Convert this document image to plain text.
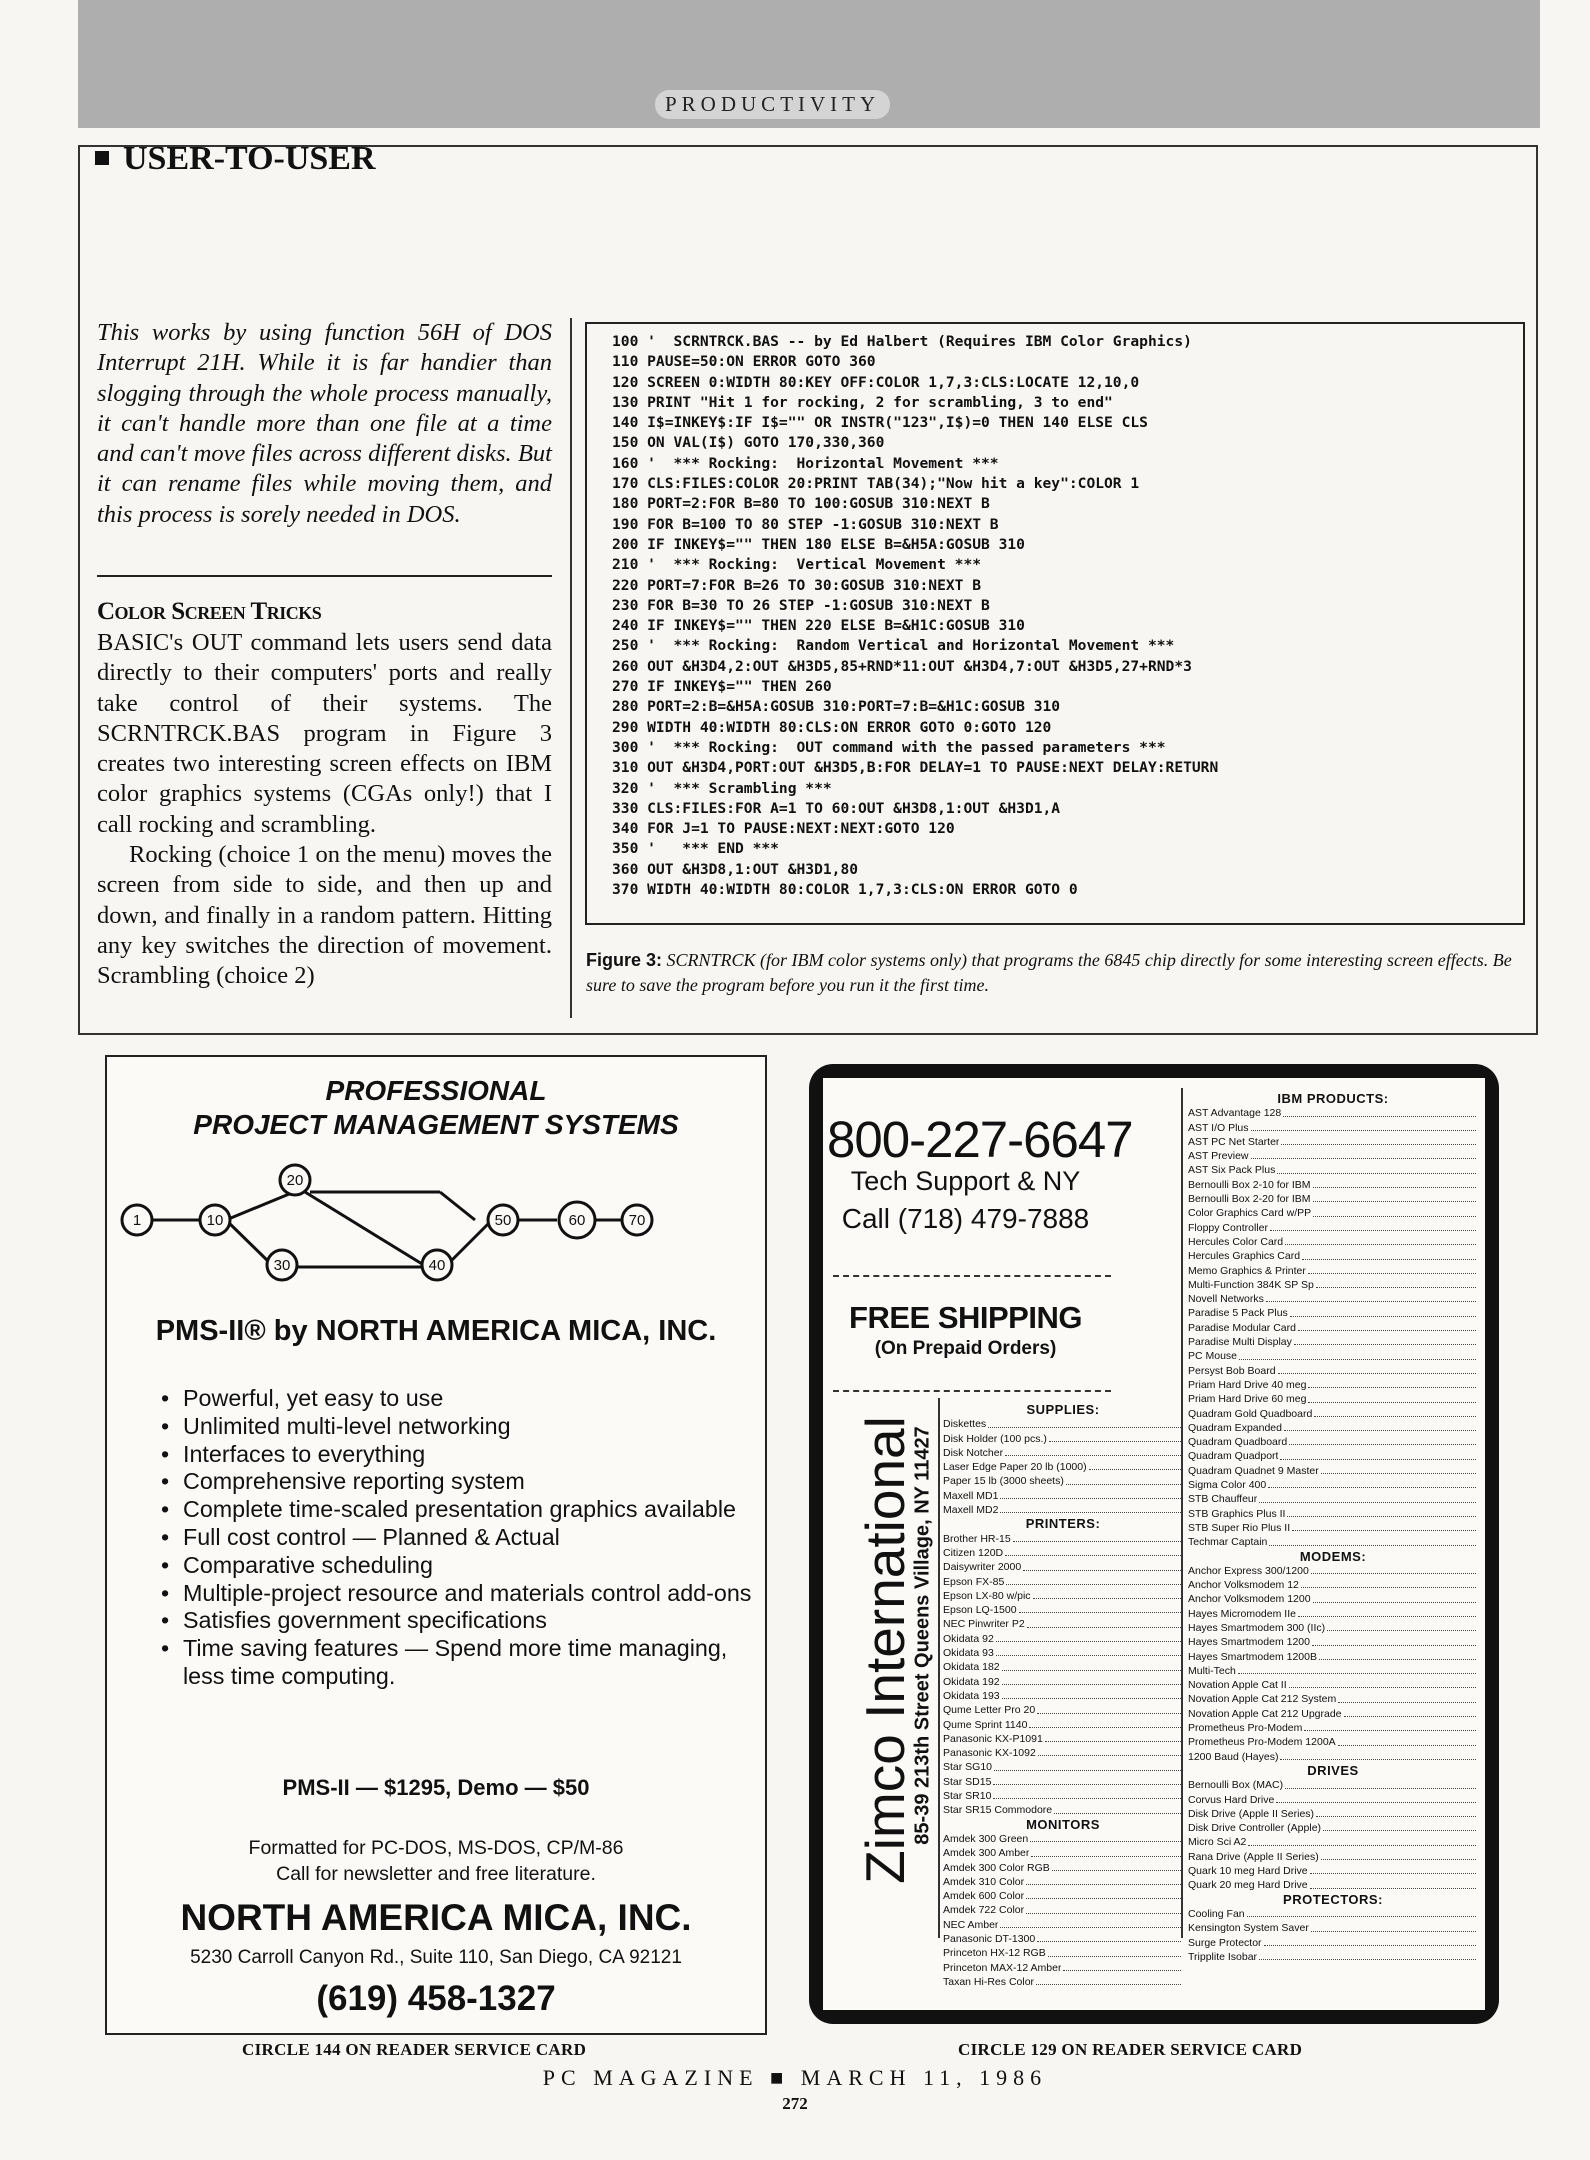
PRODUCTIVITY
USER-TO-USER
This works by using function 56H of DOS Interrupt 21H. While it is far handier than slogging through the whole process manually, it can't handle more than one file at a time and can't move files across different disks. But it can rename files while moving them, and this process is sorely needed in DOS.
Color Screen Tricks

BASIC's OUT command lets users send data directly to their computers' ports and really take control of their systems. The SCRNTRCK.BAS program in Figure 3 creates two interesting screen effects on IBM color graphics systems (CGAs only!) that I call rocking and scrambling.

Rocking (choice 1 on the menu) moves the screen from side to side, and then up and down, and finally in a random pattern. Hitting any key switches the direction of movement. Scrambling (choice 2)

100 '  SCRNTRCK.BAS -- by Ed Halbert (Requires IBM Color Graphics)
110 PAUSE=50:ON ERROR GOTO 360
120 SCREEN 0:WIDTH 80:KEY OFF:COLOR 1,7,3:CLS:LOCATE 12,10,0
130 PRINT "Hit 1 for rocking, 2 for scrambling, 3 to end"
140 I$=INKEY$:IF I$="" OR INSTR("123",I$)=0 THEN 140 ELSE CLS
150 ON VAL(I$) GOTO 170,330,360
160 '  *** Rocking:  Horizontal Movement ***
170 CLS:FILES:COLOR 20:PRINT TAB(34);"Now hit a key":COLOR 1
180 PORT=2:FOR B=80 TO 100:GOSUB 310:NEXT B
190 FOR B=100 TO 80 STEP -1:GOSUB 310:NEXT B
200 IF INKEY$="" THEN 180 ELSE B=&H5A:GOSUB 310
210 '  *** Rocking:  Vertical Movement ***
220 PORT=7:FOR B=26 TO 30:GOSUB 310:NEXT B
230 FOR B=30 TO 26 STEP -1:GOSUB 310:NEXT B
240 IF INKEY$="" THEN 220 ELSE B=&H1C:GOSUB 310
250 '  *** Rocking:  Random Vertical and Horizontal Movement ***
260 OUT &H3D4,2:OUT &H3D5,85+RND*11:OUT &H3D4,7:OUT &H3D5,27+RND*3
270 IF INKEY$="" THEN 260
280 PORT=2:B=&H5A:GOSUB 310:PORT=7:B=&H1C:GOSUB 310
290 WIDTH 40:WIDTH 80:CLS:ON ERROR GOTO 0:GOTO 120
300 '  *** Rocking:  OUT command with the passed parameters ***
310 OUT &H3D4,PORT:OUT &H3D5,B:FOR DELAY=1 TO PAUSE:NEXT DELAY:RETURN
320 '  *** Scrambling ***
330 CLS:FILES:FOR A=1 TO 60:OUT &H3D8,1:OUT &H3D1,A
340 FOR J=1 TO PAUSE:NEXT:NEXT:GOTO 120
350 '   *** END ***
360 OUT &H3D8,1:OUT &H3D1,80
370 WIDTH 40:WIDTH 80:COLOR 1,7,3:CLS:ON ERROR GOTO 0
Figure 3: SCRNTRCK (for IBM color systems only) that programs the 6845 chip directly for some interesting screen effects. Be sure to save the program before you run it the first time.
PROFESSIONAL
PROJECT MANAGEMENT SYSTEMS
1	10
20
30	40
50	60	70
PMS-II® by NORTH AMERICA MICA, INC.
• Powerful, yet easy to use
• Unlimited multi-level networking
• Interfaces to everything
• Comprehensive reporting system
• Complete time-scaled presentation graphics available
• Full cost control — Planned & Actual
• Comparative scheduling
• Multiple-project resource and materials control add-ons
• Satisfies government specifications
• Time saving features — Spend more time managing, less time computing.
PMS-II — $1295, Demo — $50
Formatted for PC-DOS, MS-DOS, CP/M-86
Call for newsletter and free literature.
NORTH AMERICA MICA, INC.
5230 Carroll Canyon Rd., Suite 110, San Diego, CA 92121
(619) 458-1327
CIRCLE 144 ON READER SERVICE CARD
800-227-6647
Tech Support & NY
Call (718) 479-7888
FREE SHIPPING
(On Prepaid Orders)
Zimco International
85-39 213th Street Queens Village, NY 11427
IBM PRODUCTS:
AST Advantage 128
AST I/O Plus
AST PC Net Starter
AST Preview
AST Six Pack Plus
Bernoulli Box 2-10 for IBM
Bernoulli Box 2-20 for IBM
Color Graphics Card w/PP
Floppy Controller
Hercules Color Card
Hercules Graphics Card
Memo Graphics & Printer
Multi-Function 384K SP Sp
Novell Networks
Paradise 5 Pack Plus
Paradise Modular Card
Paradise Multi Display
PC Mouse
Persyst Bob Board
Priam Hard Drive 40 meg
Priam Hard Drive 60 meg
Quadram Gold Quadboard
Quadram Expanded
Quadram Quadboard
Quadram Quadport
Quadram Quadnet 9 Master
Sigma Color 400
STB Chauffeur
STB Graphics Plus II
STB Super Rio Plus II
Techmar Captain
MODEMS:
Anchor Express 300/1200
Anchor Volksmodem 12
Anchor Volksmodem 1200
Hayes Micromodem IIe
Hayes Smartmodem 300 (IIc)
Hayes Smartmodem 1200
Hayes Smartmodem 1200B
Multi-Tech
Novation Apple Cat II
Novation Apple Cat 212 System
Novation Apple Cat 212 Upgrade
Prometheus Pro-Modem
Prometheus Pro-Modem 1200A
1200 Baud (Hayes)
DRIVES
Bernoulli Box (MAC)
Corvus Hard Drive
Disk Drive (Apple II Series)
Disk Drive Controller (Apple)
Micro Sci A2
Rana Drive (Apple II Series)
Quark 10 meg Hard Drive
Quark 20 meg Hard Drive
PROTECTORS:
Cooling Fan
Kensington System Saver
Surge Protector
Tripplite Isobar
SUPPLIES:
Diskettes
Disk Holder (100 pcs.)
Disk Notcher
Laser Edge Paper 20 lb (1000)
Paper 15 lb (3000 sheets)
Maxell MD1
Maxell MD2
PRINTERS:
Brother HR-15
Citizen 120D
Daisywriter 2000
Epson FX-85
Epson LX-80 w/pic
Epson LQ-1500
NEC Pinwriter P2
Okidata 92
Okidata 93
Okidata 182
Okidata 192
Okidata 193
Qume Letter Pro 20
Qume Sprint 1140
Panasonic KX-P1091
Panasonic KX-1092
Star SG10
Star SD15
Star SR10
Star SR15 Commodore
MONITORS
Amdek 300 Green
Amdek 300 Amber
Amdek 300 Color RGB
Amdek 310 Color
Amdek 600 Color
Amdek 722 Color
NEC Amber
Panasonic DT-1300
Princeton HX-12 RGB
Princeton MAX-12 Amber
Taxan Hi-Res Color
CIRCLE 129 ON READER SERVICE CARD
PC MAGAZINE ■ MARCH 11, 1986
272
